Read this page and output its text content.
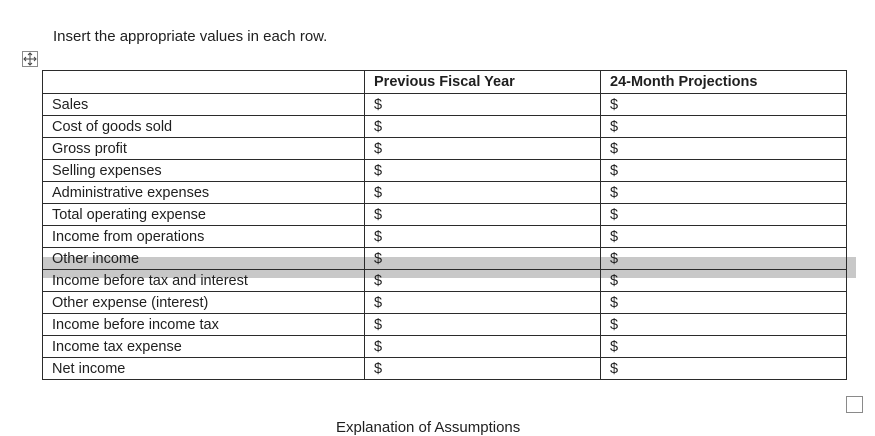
Insert the appropriate values in each row.
	Previous Fiscal Year	24-Month Projections
Sales	$	$
Cost of goods sold	$	$
Gross profit	$	$
Selling expenses	$	$
Administrative expenses	$	$
Total operating expense	$	$
Income from operations	$	$
Other income	$	$
Income before tax and interest	$	$
Other expense (interest)	$	$
Income before income tax	$	$
Income tax expense	$	$
Net income	$	$
Explanation of Assumptions
